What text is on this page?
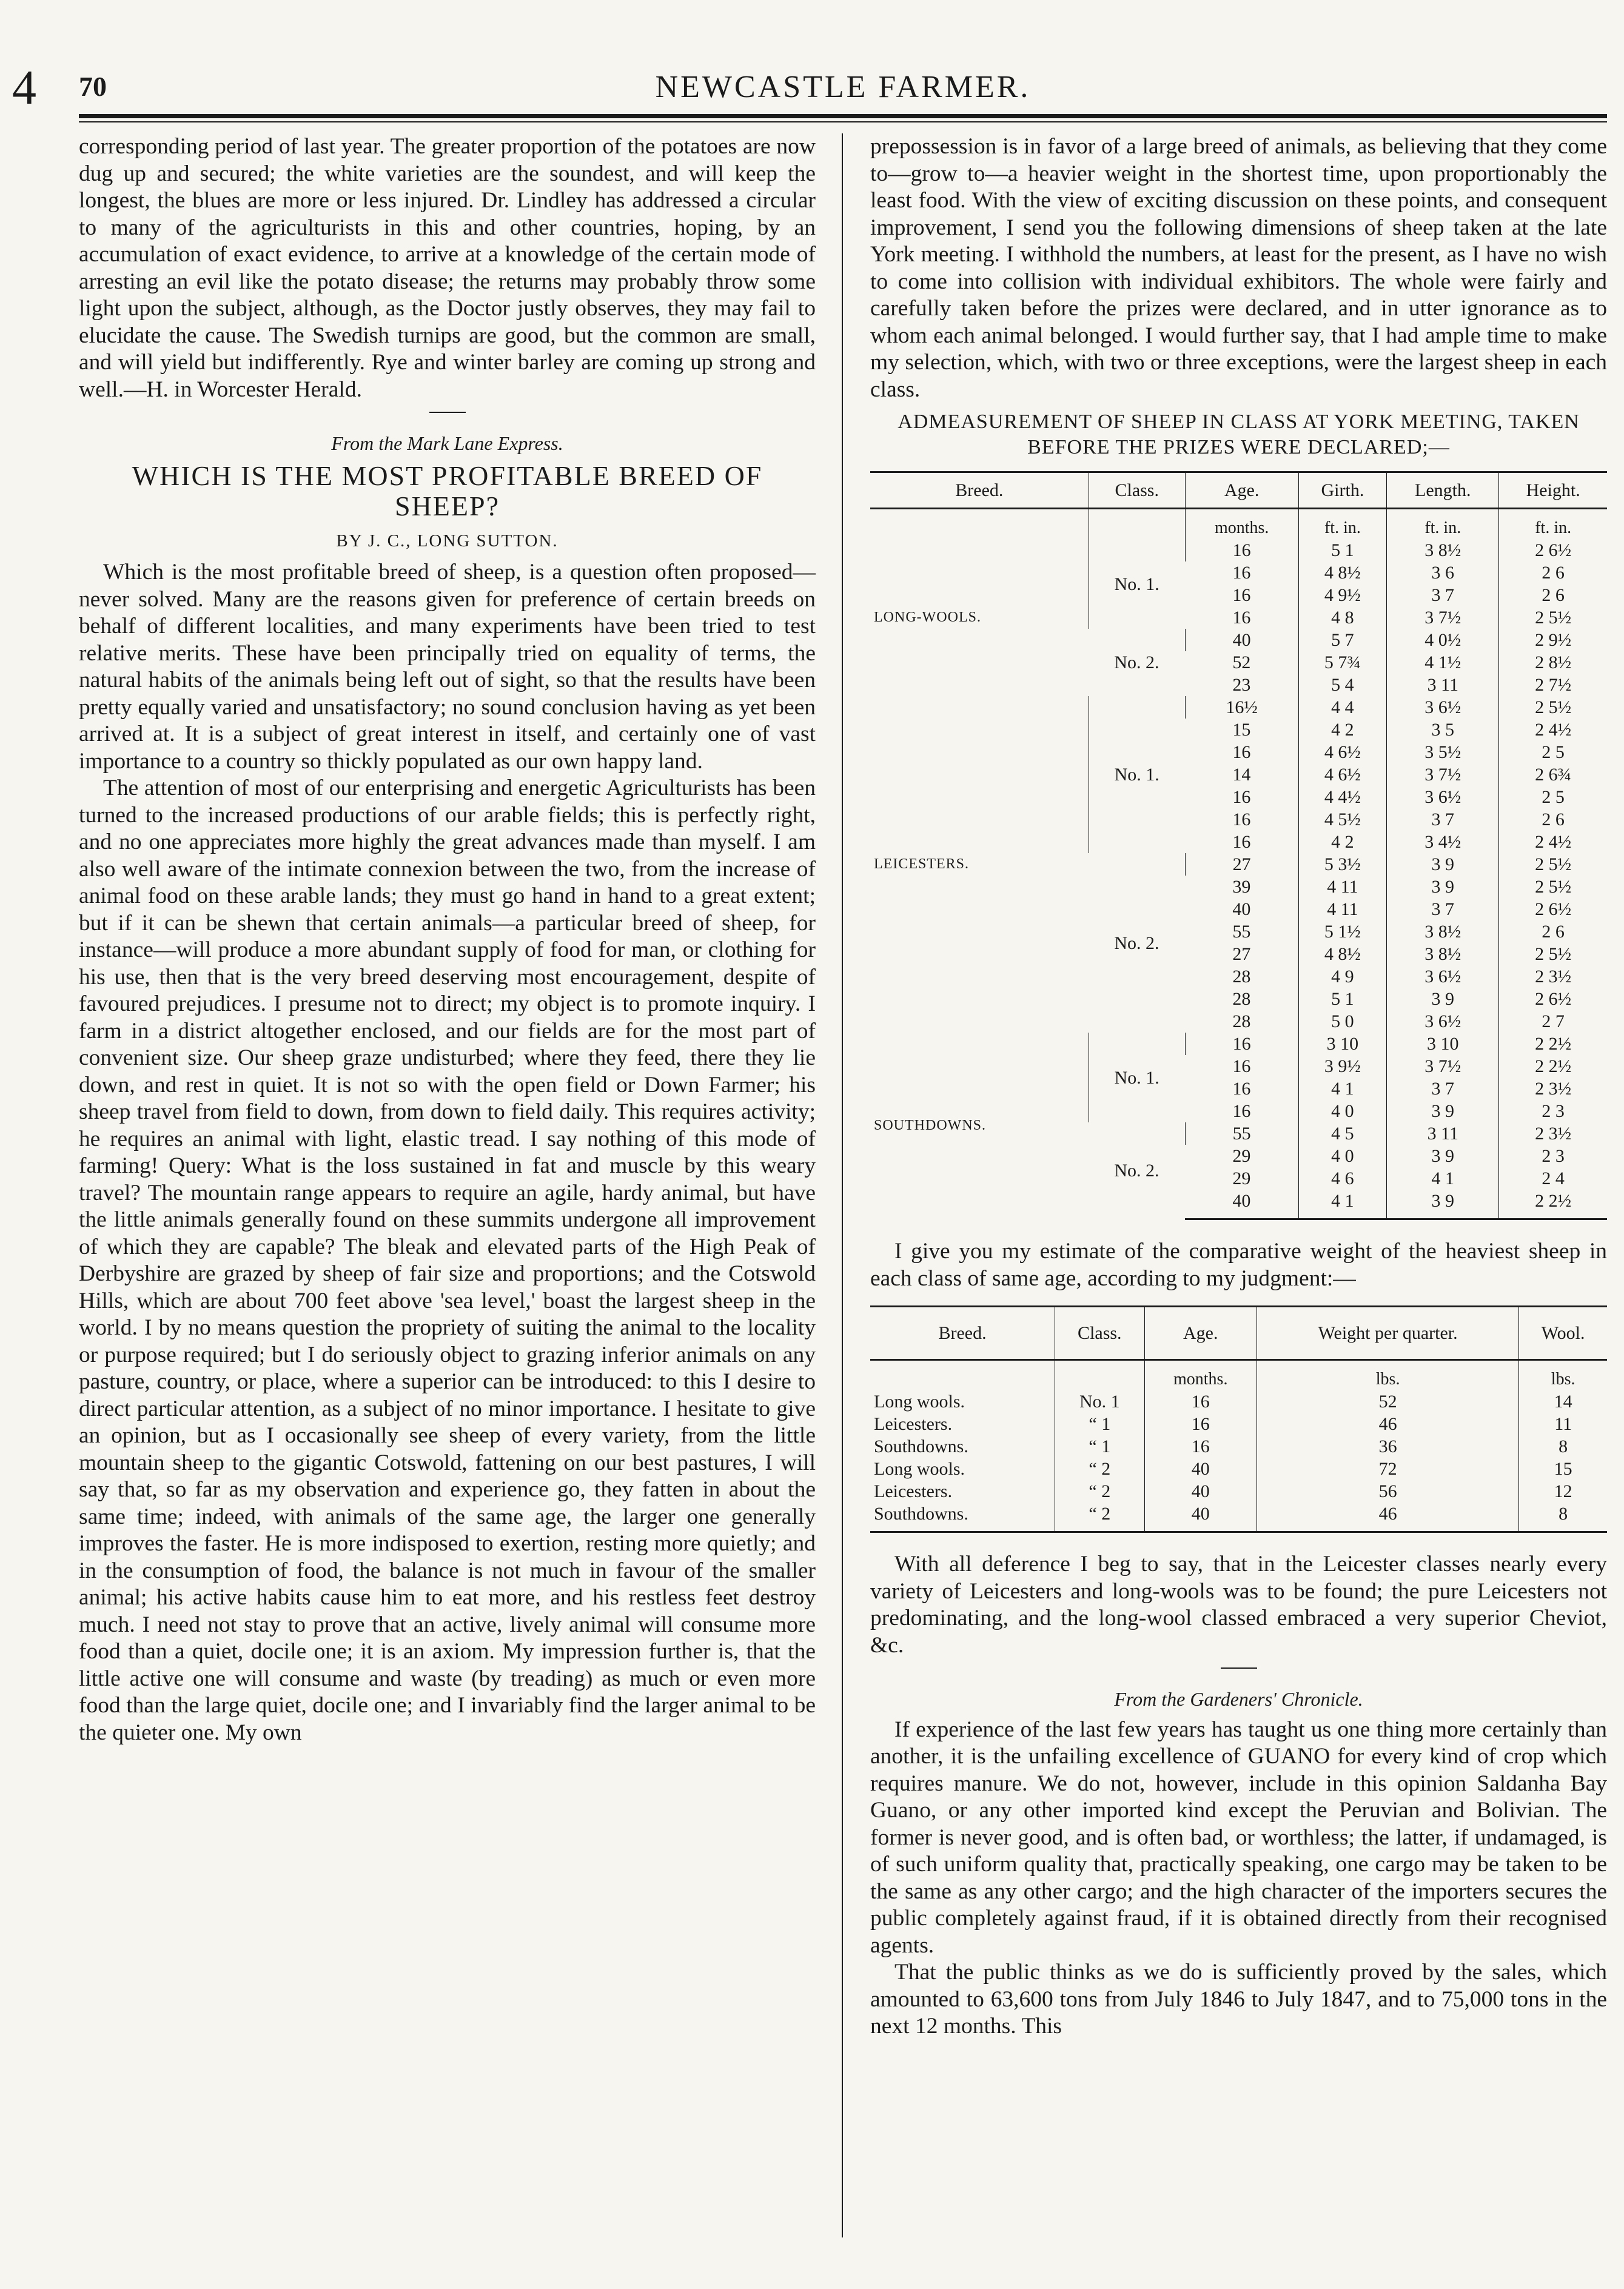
4 70	NEWCASTLE FARMER.

corresponding period of last year. The greater proportion of the potatoes are now dug up and secured; the white varieties are the soundest, and will keep the longest, the blues are more or less injured. Dr. Lindley has addressed a circular to many of the agriculturists in this and other countries, hoping, by an accumulation of exact evidence, to arrive at a knowledge of the certain mode of arresting an evil like the potato disease; the returns may probably throw some light upon the subject, although, as the Doctor justly observes, they may fail to elucidate the cause. The Swedish turnips are good, but the common are small, and will yield but indifferently. Rye and winter barley are coming up strong and well.—H. in Worcester Herald.

From the Mark Lane Express.
WHICH IS THE MOST PROFITABLE BREED OF SHEEP?
BY J. C., LONG SUTTON.

Which is the most profitable breed of sheep, is a question often proposed—never solved. Many are the reasons given for preference of certain breeds on behalf of different localities, and many experiments have been tried to test relative merits. These have been principally tried on equality of terms, the natural habits of the animals being left out of sight, so that the results have been pretty equally varied and unsatisfactory; no sound conclusion having as yet been arrived at. It is a subject of great interest in itself, and certainly one of vast importance to a country so thickly populated as our own happy land.

The attention of most of our enterprising and energetic Agriculturists has been turned to the increased productions of our arable fields; this is perfectly right, and no one appreciates more highly the great advances made than myself. I am also well aware of the intimate connexion between the two, from the increase of animal food on these arable lands; they must go hand in hand to a great extent; but if it can be shewn that certain animals—a particular breed of sheep, for instance—will produce a more abundant supply of food for man, or clothing for his use, then that is the very breed deserving most encouragement, despite of favoured prejudices. I presume not to direct; my object is to promote inquiry. I farm in a district altogether enclosed, and our fields are for the most part of convenient size. Our sheep graze undisturbed; where they feed, there they lie down, and rest in quiet. It is not so with the open field or Down Farmer; his sheep travel from field to down, from down to field daily. This requires activity; he requires an animal with light, elastic tread. I say nothing of this mode of farming! Query: What is the loss sustained in fat and muscle by this weary travel? The mountain range appears to require an agile, hardy animal, but have the little animals generally found on these summits undergone all improvement of which they are capable? The bleak and elevated parts of the High Peak of Derbyshire are grazed by sheep of fair size and proportions; and the Cotswold Hills, which are about 700 feet above 'sea level,' boast the largest sheep in the world. I by no means question the propriety of suiting the animal to the locality or purpose required; but I do seriously object to grazing inferior animals on any pasture, country, or place, where a superior can be introduced: to this I desire to direct particular attention, as a subject of no minor importance. I hesitate to give an opinion, but as I occasionally see sheep of every variety, from the little mountain sheep to the gigantic Cotswold, fattening on our best pastures, I will say that, so far as my observation and experience go, they fatten in about the same time; indeed, with animals of the same age, the larger one generally improves the faster. He is more indisposed to exertion, resting more quietly; and in the consumption of food, the balance is not much in favour of the smaller animal; his active habits cause him to eat more, and his restless feet destroy much. I need not stay to prove that an active, lively animal will consume more food than a quiet, docile one; it is an axiom. My impression further is, that the little active one will consume and waste (by treading) as much or even more food than the large quiet, docile one; and I invariably find the larger animal to be the quieter one. My own

prepossession is in favor of a large breed of animals, as believing that they come to—grow to—a heavier weight in the shortest time, upon proportionably the least food. With the view of exciting discussion on these points, and consequent improvement, I send you the following dimensions of sheep taken at the late York meeting. I withhold the numbers, at least for the present, as I have no wish to come into collision with individual exhibitors. The whole were fairly and carefully taken before the prizes were declared, and in utter ignorance as to whom each animal belonged. I would further say, that I had ample time to make my selection, which, with two or three exceptions, were the largest sheep in each class.

ADMEASUREMENT OF SHEEP IN CLASS AT YORK MEETING, TAKEN BEFORE THE PRIZES WERE DECLARED;—
Breed.	Class.	Age.	Girth.	Length.	Height.
		months.	ft. in.	ft. in.	ft. in.
LONG-WOOLS.	No. 1.	16	5 1	3 8½	2 6½
		16	4 8½	3 6	2 6
		16	4 9½	3 7	2 6
		16	4 8	3 7½	2 5½
	No. 2.	40	5 7	4 0½	2 9½
		52	5 7¾	4 1½	2 8½
		23	5 4	3 11	2 7½
LEICESTERS.	No. 1.	16½	4 4	3 6½	2 5½
		15	4 2	3 5	2 4½
		16	4 6½	3 5½	2 5
		14	4 6½	3 7½	2 6¾
		16	4 4½	3 6½	2 5
		16	4 5½	3 7	2 6
		16	4 2	3 4½	2 4½
	No. 2.	27	5 3½	3 9	2 5½
		39	4 11	3 9	2 5½
		40	4 11	3 7	2 6½
		55	5 1½	3 8½	2 6
		27	4 8½	3 8½	2 5½
		28	4 9	3 6½	2 3½
		28	5 1	3 9	2 6½
		28	5 0	3 6½	2 7
SOUTHDOWNS.	No. 1.	16	3 10	3 10	2 2½
		16	3 9½	3 7½	2 2½
		16	4 1	3 7	2 3½
		16	4 0	3 9	2 3
	No. 2.	55	4 5	3 11	2 3½
		29	4 0	3 9	2 3
		29	4 6	4 1	2 4
		40	4 1	3 9	2 2½

I give you my estimate of the comparative weight of the heaviest sheep in each class of same age, according to my judgment:—

Breed.	Class.	Age.	Weight per quarter.	Wool.
		months.	lbs.	lbs.
Long wools.	No. 1	16	52	14
Leicesters.	“ 1	16	46	11
Southdowns.	“ 1	16	36	8
Long wools.	“ 2	40	72	15
Leicesters.	“ 2	40	56	12
Southdowns.	“ 2	40	46	8

With all deference I beg to say, that in the Leicester classes nearly every variety of Leicesters and long-wools was to be found; the pure Leicesters not predominating, and the long-wool classed embraced a very superior Cheviot, &c.

From the Gardeners' Chronicle.

If experience of the last few years has taught us one thing more certainly than another, it is the unfailing excellence of GUANO for every kind of crop which requires manure. We do not, however, include in this opinion Saldanha Bay Guano, or any other imported kind except the Peruvian and Bolivian. The former is never good, and is often bad, or worthless; the latter, if undamaged, is of such uniform quality that, practically speaking, one cargo may be taken to be the same as any other cargo; and the high character of the importers secures the public completely against fraud, if it is obtained directly from their recognised agents.

That the public thinks as we do is sufficiently proved by the sales, which amounted to 63,600 tons from July 1846 to July 1847, and to 75,000 tons in the next 12 months. This
